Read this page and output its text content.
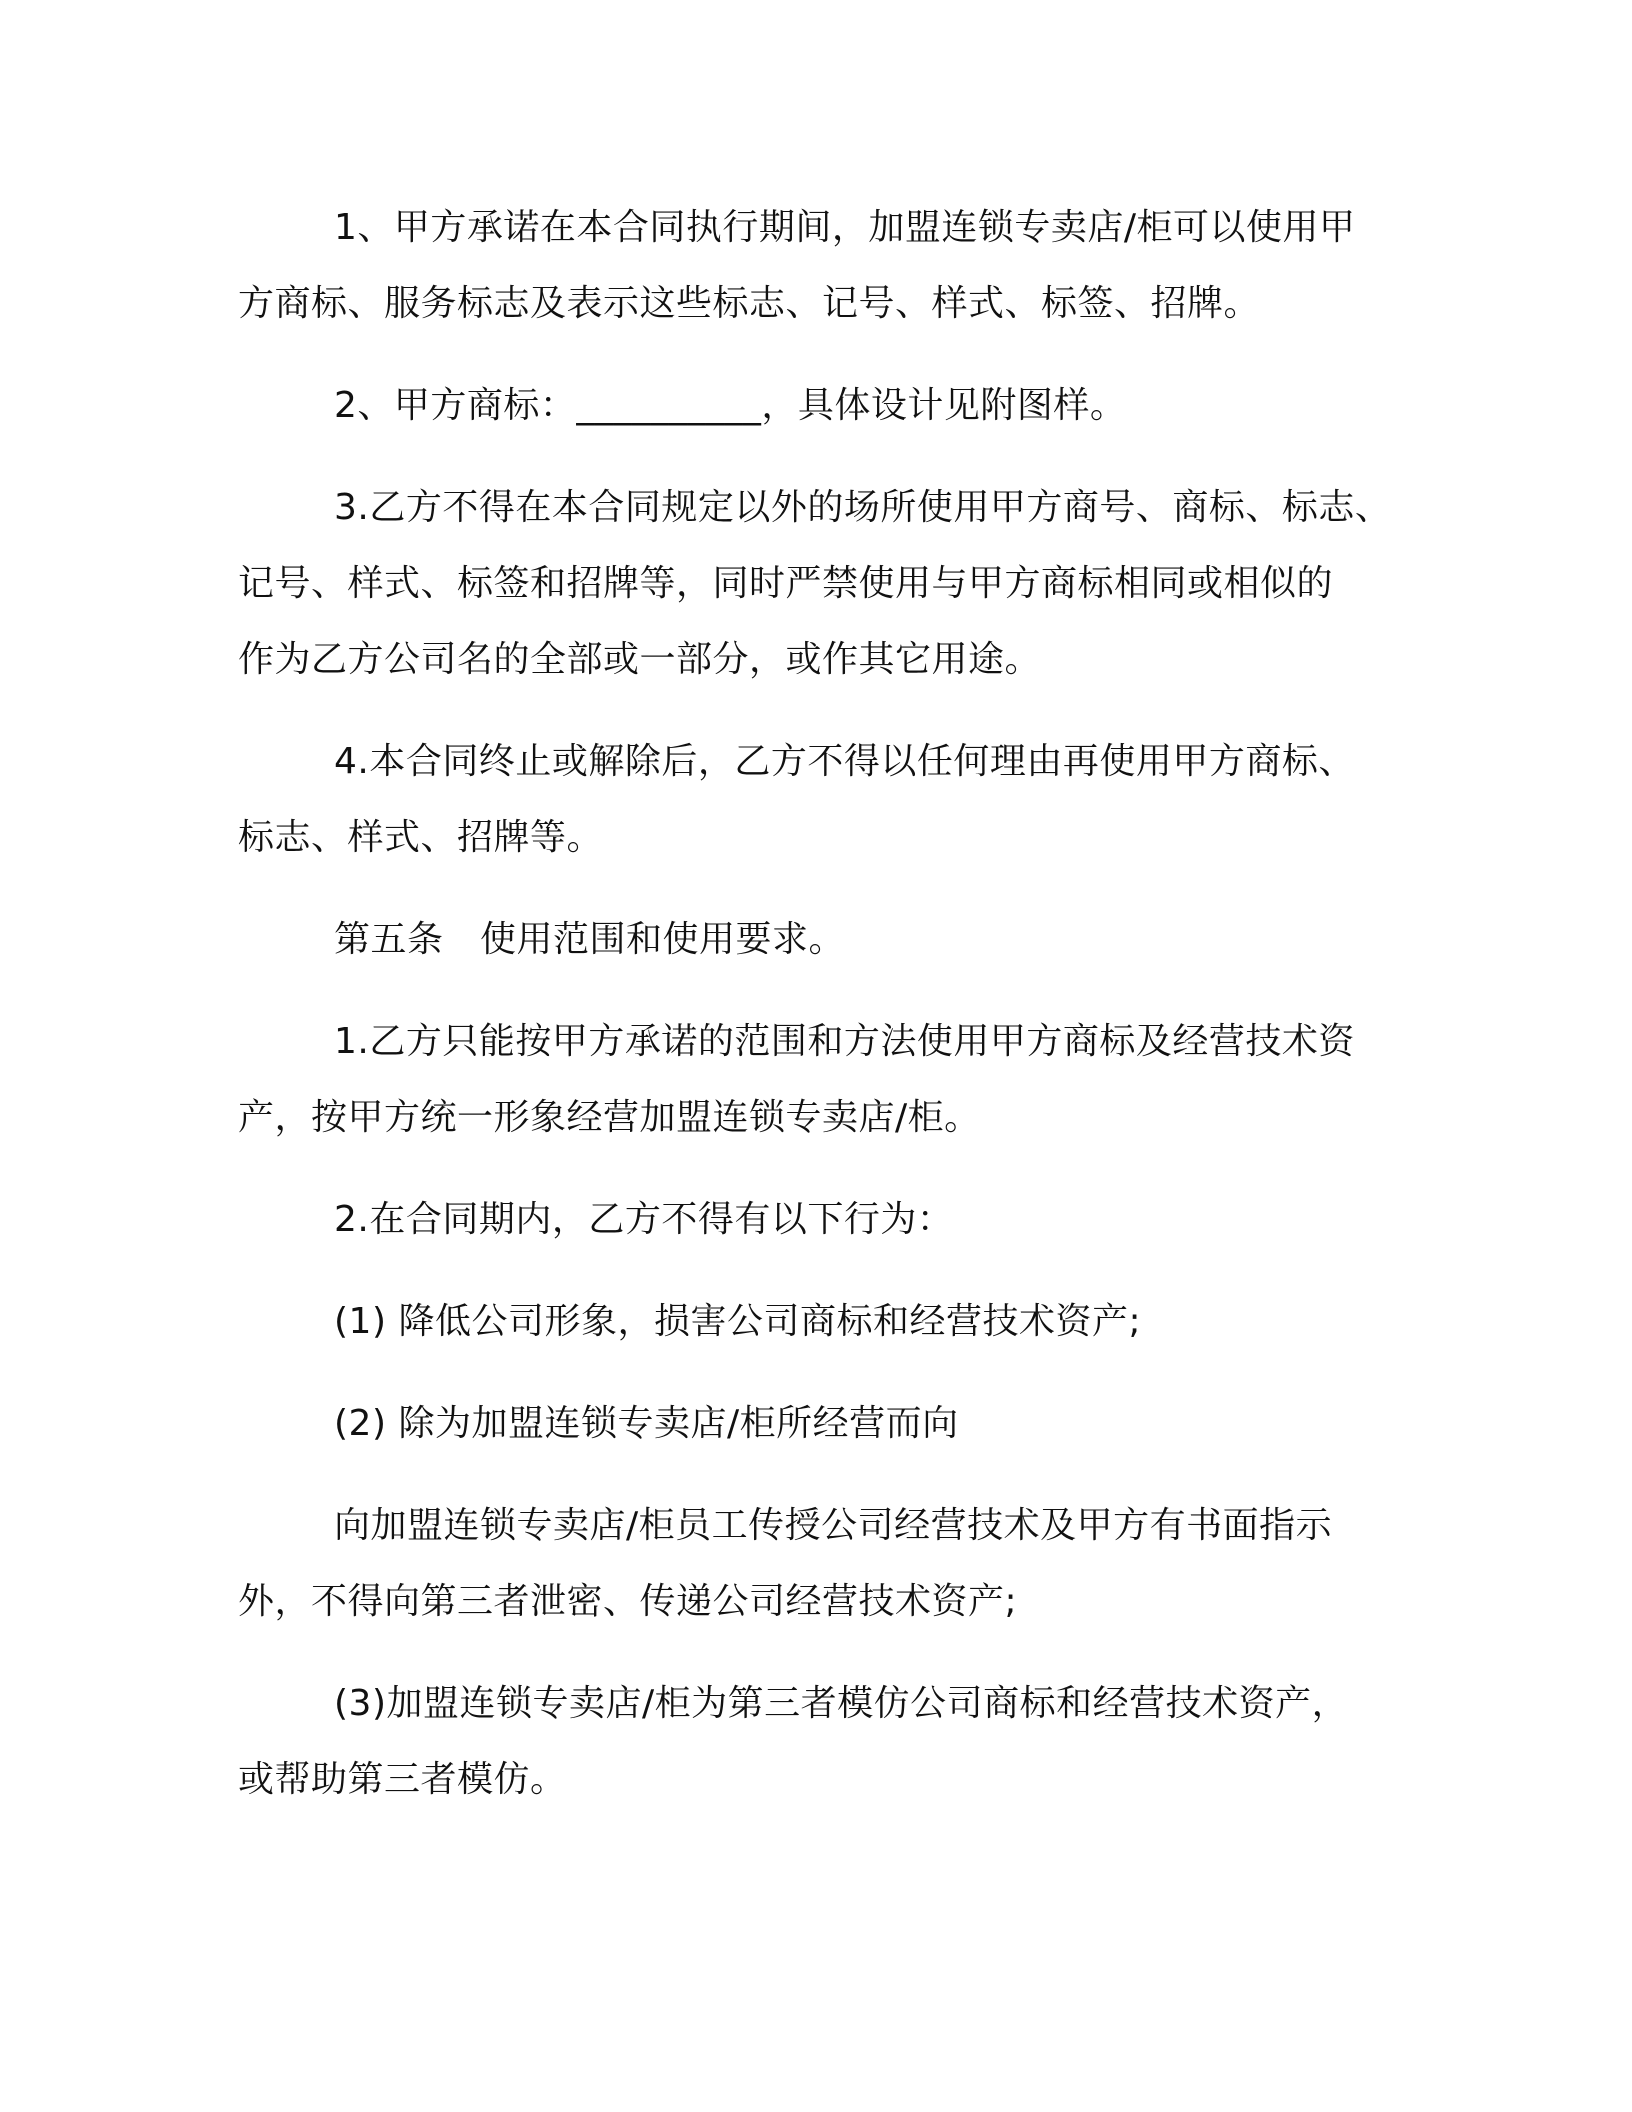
1、甲方承诺在本合同执行期间，加盟连锁专卖店/柜可以使用甲
方商标、服务标志及表示这些标志、记号、样式、标签、招牌。

2、甲方商标：__________，具体设计见附图样。

3.乙方不得在本合同规定以外的场所使用甲方商号、商标、标志、
记号、样式、标签和招牌等，同时严禁使用与甲方商标相同或相似的
作为乙方公司名的全部或一部分，或作其它用途。

4.本合同终止或解除后，乙方不得以任何理由再使用甲方商标、
标志、样式、招牌等。

第五条　使用范围和使用要求。

1.乙方只能按甲方承诺的范围和方法使用甲方商标及经营技术资
产，按甲方统一形象经营加盟连锁专卖店/柜。

2.在合同期内，乙方不得有以下行为：

(1) 降低公司形象，损害公司商标和经营技术资产;

(2) 除为加盟连锁专卖店/柜所经营而向

向加盟连锁专卖店/柜员工传授公司经营技术及甲方有书面指示
外，不得向第三者泄密、传递公司经营技术资产;

(3)加盟连锁专卖店/柜为第三者模仿公司商标和经营技术资产，
或帮助第三者模仿。
